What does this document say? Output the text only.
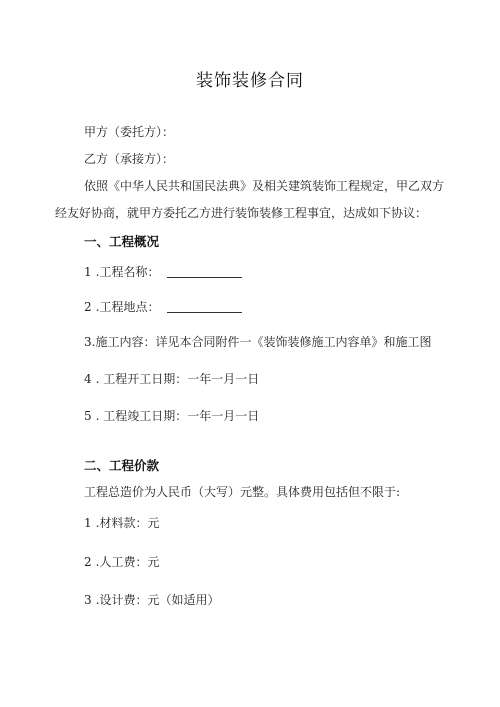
装饰装修合同
甲方（委托方）：
乙方（承接方）：
依照《中华人民共和国民法典》及相关建筑装饰工程规定，甲乙双方
经友好协商，就甲方委托乙方进行装饰装修工程事宜，达成如下协议：
一、工程概况
1 .工程名称：
2 .工程地点：
3.施工内容：详见本合同附件一《装饰装修施工内容单》和施工图
4 . 工程开工日期：一年一月一日
5 . 工程竣工日期：一年一月一日
二、工程价款
工程总造价为人民币（大写）元整。具体费用包括但不限于:
1 .材料款：元
2 .人工费：元
3 .设计费：元（如适用）
